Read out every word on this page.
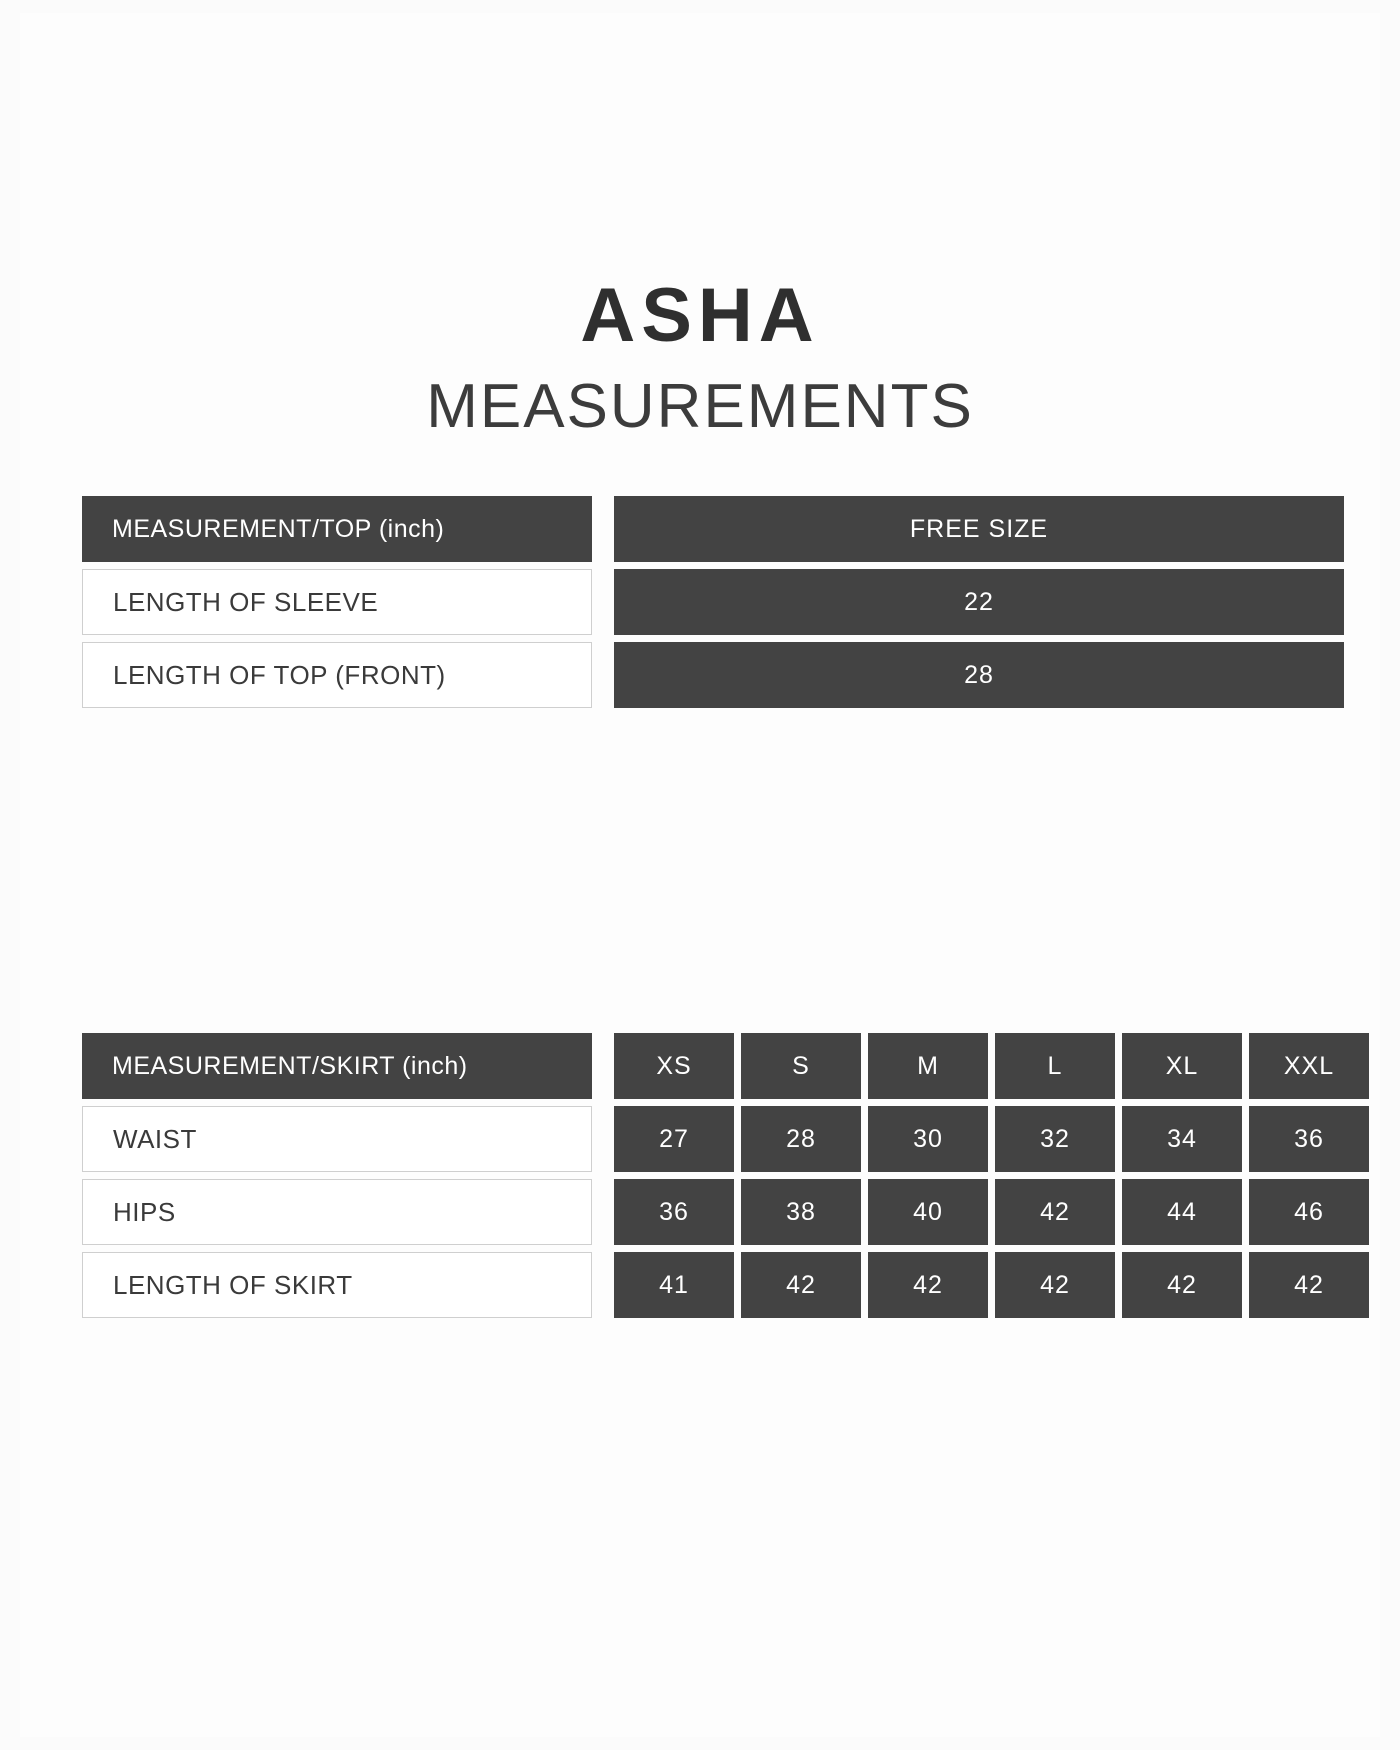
ASHA
MEASUREMENTS
MEASUREMENT/TOP (inch)	FREE SIZE
LENGTH OF SLEEVE	22
LENGTH OF TOP (FRONT)	28
MEASUREMENT/SKIRT (inch)	XS	S	M	L	XL	XXL
WAIST	27	28	30	32	34	36
HIPS	36	38	40	42	44	46
LENGTH OF SKIRT	41	42	42	42	42	42
